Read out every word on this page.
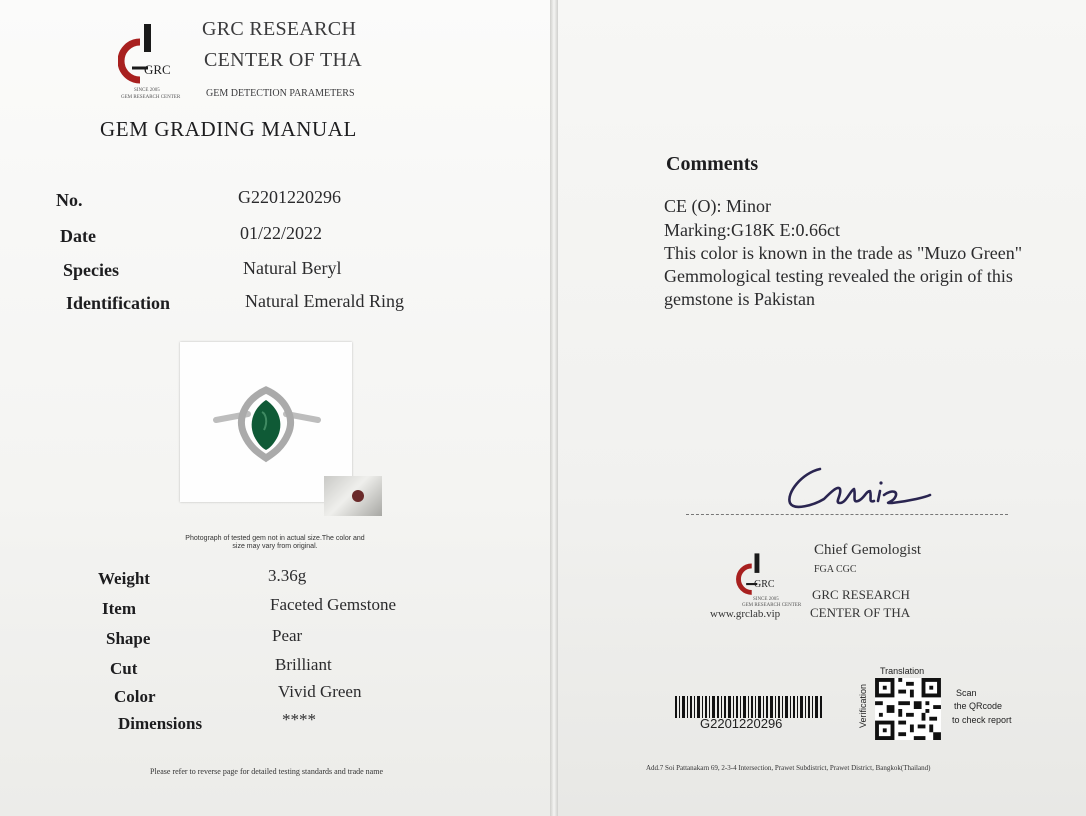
GRC
SINCE 2005
GEM RESEARCH CENTER
GRC RESEARCH
CENTER OF THA
GEM DETECTION PARAMETERS
GEM GRADING MANUAL
No.	G2201220296
Date	01/22/2022
Species	Natural Beryl
Identification	Natural Emerald Ring
Photograph of tested gem not in actual size.The color and
size may vary from original.
Weight	3.36g
Item	Faceted Gemstone
Shape	Pear
Cut	Brilliant
Color	Vivid Green
Dimensions	****
Please refer to reverse page for detailed testing standards and trade name
Comments
CE (O): Minor
Marking:G18K E:0.66ct
This color is known in the trade as "Muzo Green"
Gemmological testing revealed the origin of this
gemstone is Pakistan
GRC
SINCE 2005
GEM RESEARCH CENTER
www.grclab.vip
Chief Gemologist
FGA CGC
GRC RESEARCH
CENTER OF THA
G2201220296
Translation
Verification	Scan
the QRcode
to check report
Add.7 Soi Pattanakarn 69, 2-3-4 Intersection, Prawet Subdistrict, Prawet District, Bangkok(Thailand)
